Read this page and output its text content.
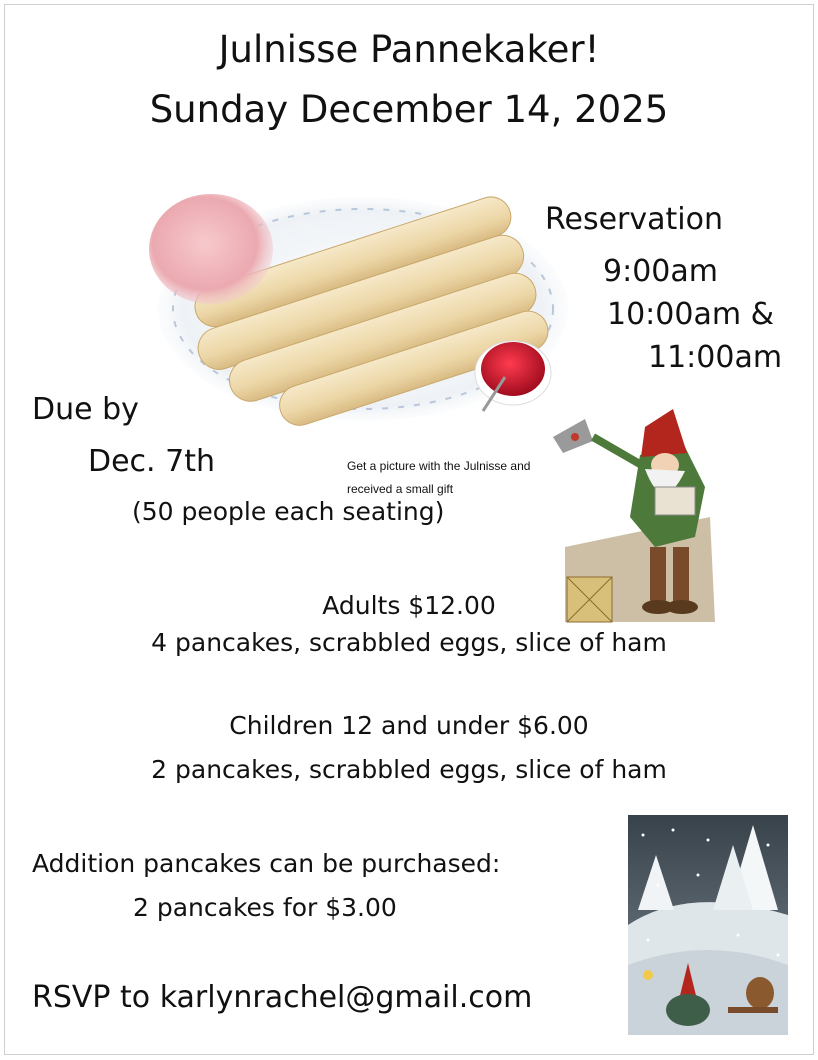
Julnisse Pannekaker!
Sunday December 14, 2025
Reservation
9:00am
10:00am &
11:00am
Due by
Dec. 7th
(50 people each seating)
Get a picture with the Julnisse and
received a small gift
Adults $12.00
4 pancakes, scrabbled eggs, slice of ham
Children 12 and under $6.00
2 pancakes, scrabbled eggs, slice of ham
Addition pancakes can be purchased:
2 pancakes for $3.00
RSVP to karlynrachel@gmail.com
